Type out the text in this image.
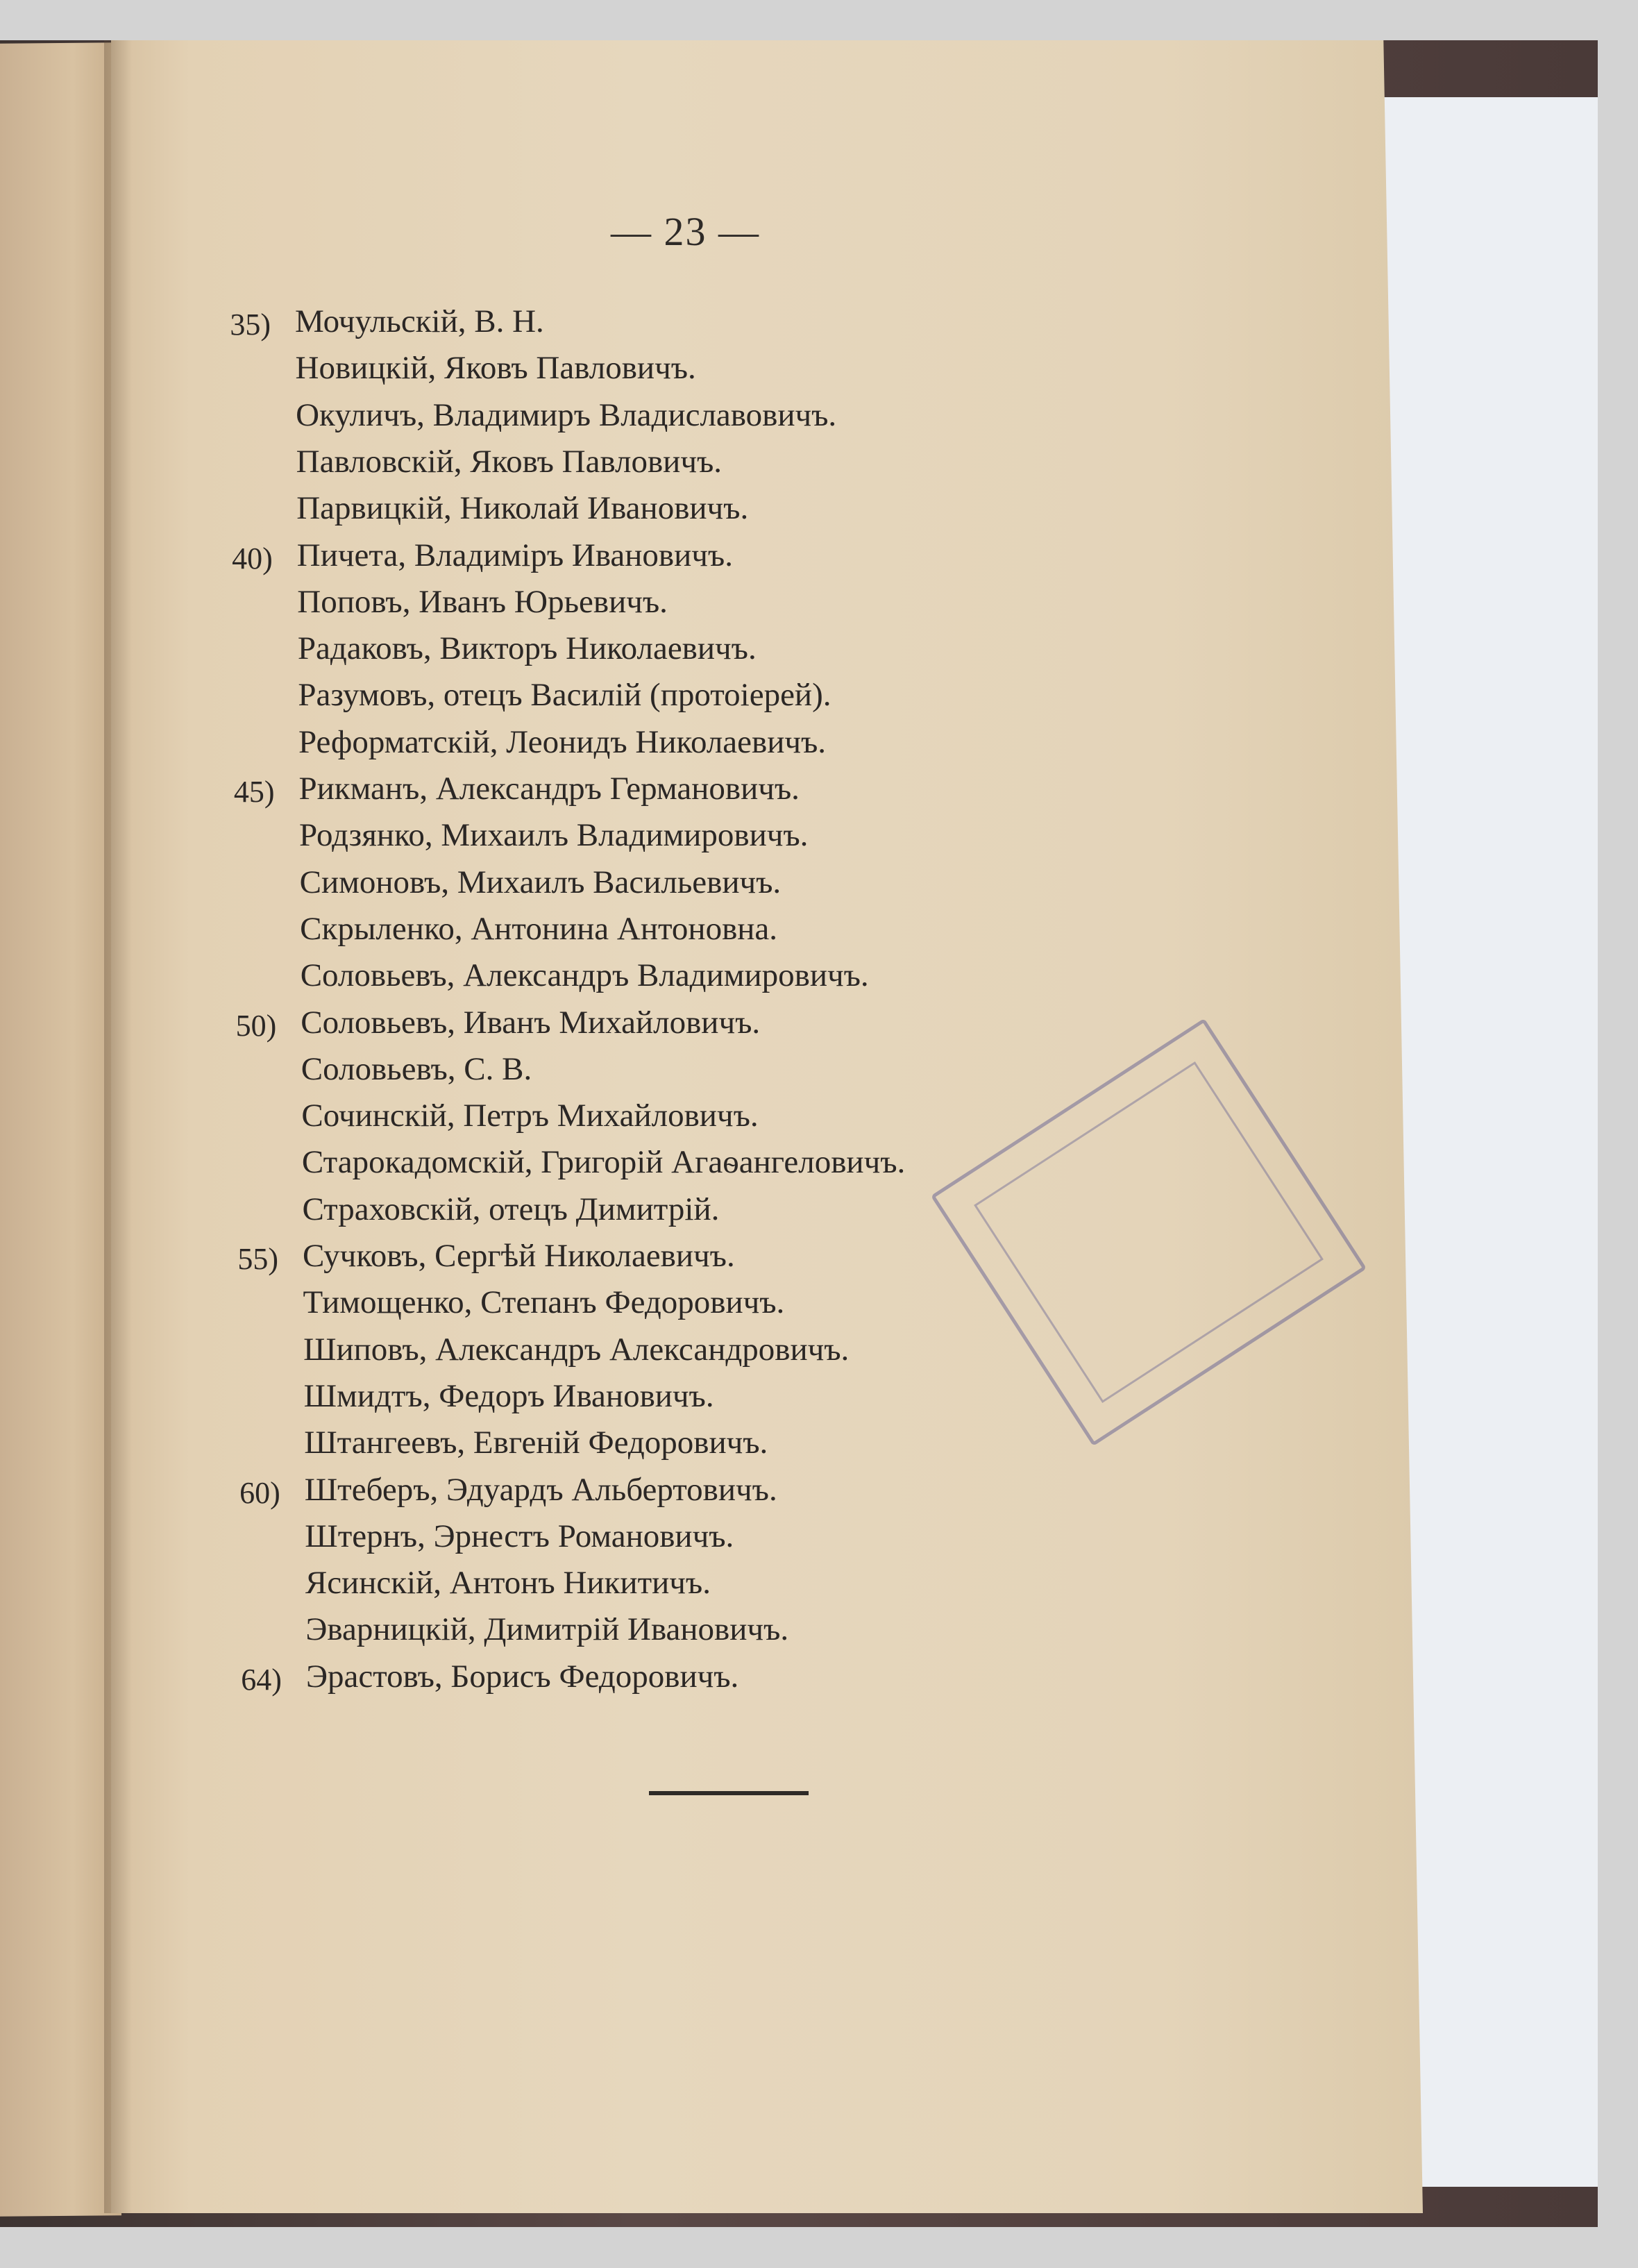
— 23 —
Мочульскій, В. Н.
35)
Новицкій, Яковъ Павловичъ.
Окуличъ, Владимиръ Владиславовичъ.
Павловскій, Яковъ Павловичъ.
Парвицкій, Николай Ивановичъ.
Пичета, Владиміръ Ивановичъ.
40)
Поповъ, Иванъ Юрьевичъ.
Радаковъ, Викторъ Николаевичъ.
Разумовъ, отецъ Василій (протоіерей).
Реформатскій, Леонидъ Николаевичъ.
Рикманъ, Александръ Германовичъ.
45)
Родзянко, Михаилъ Владимировичъ.
Симоновъ, Михаилъ Васильевичъ.
Скрыленко, Антонина Антоновна.
Соловьевъ, Александръ Владимировичъ.
Соловьевъ, Иванъ Михайловичъ.
50)
Соловьевъ, С. В.
Сочинскій, Петръ Михайловичъ.
Старокадомскій, Григорій Агаѳангеловичъ.
Страховскій, отецъ Димитрій.
Сучковъ, Сергѣй Николаевичъ.
55)
Тимощенко, Степанъ Федоровичъ.
Шиповъ, Александръ Александровичъ.
Шмидтъ, Федоръ Ивановичъ.
Штангеевъ, Евгеній Федоровичъ.
Штеберъ, Эдуардъ Альбертовичъ.
60)
Штернъ, Эрнестъ Романовичъ.
Ясинскій, Антонъ Никитичъ.
Эварницкій, Димитрій Ивановичъ.
Эрастовъ, Борисъ Федоровичъ.
64)
